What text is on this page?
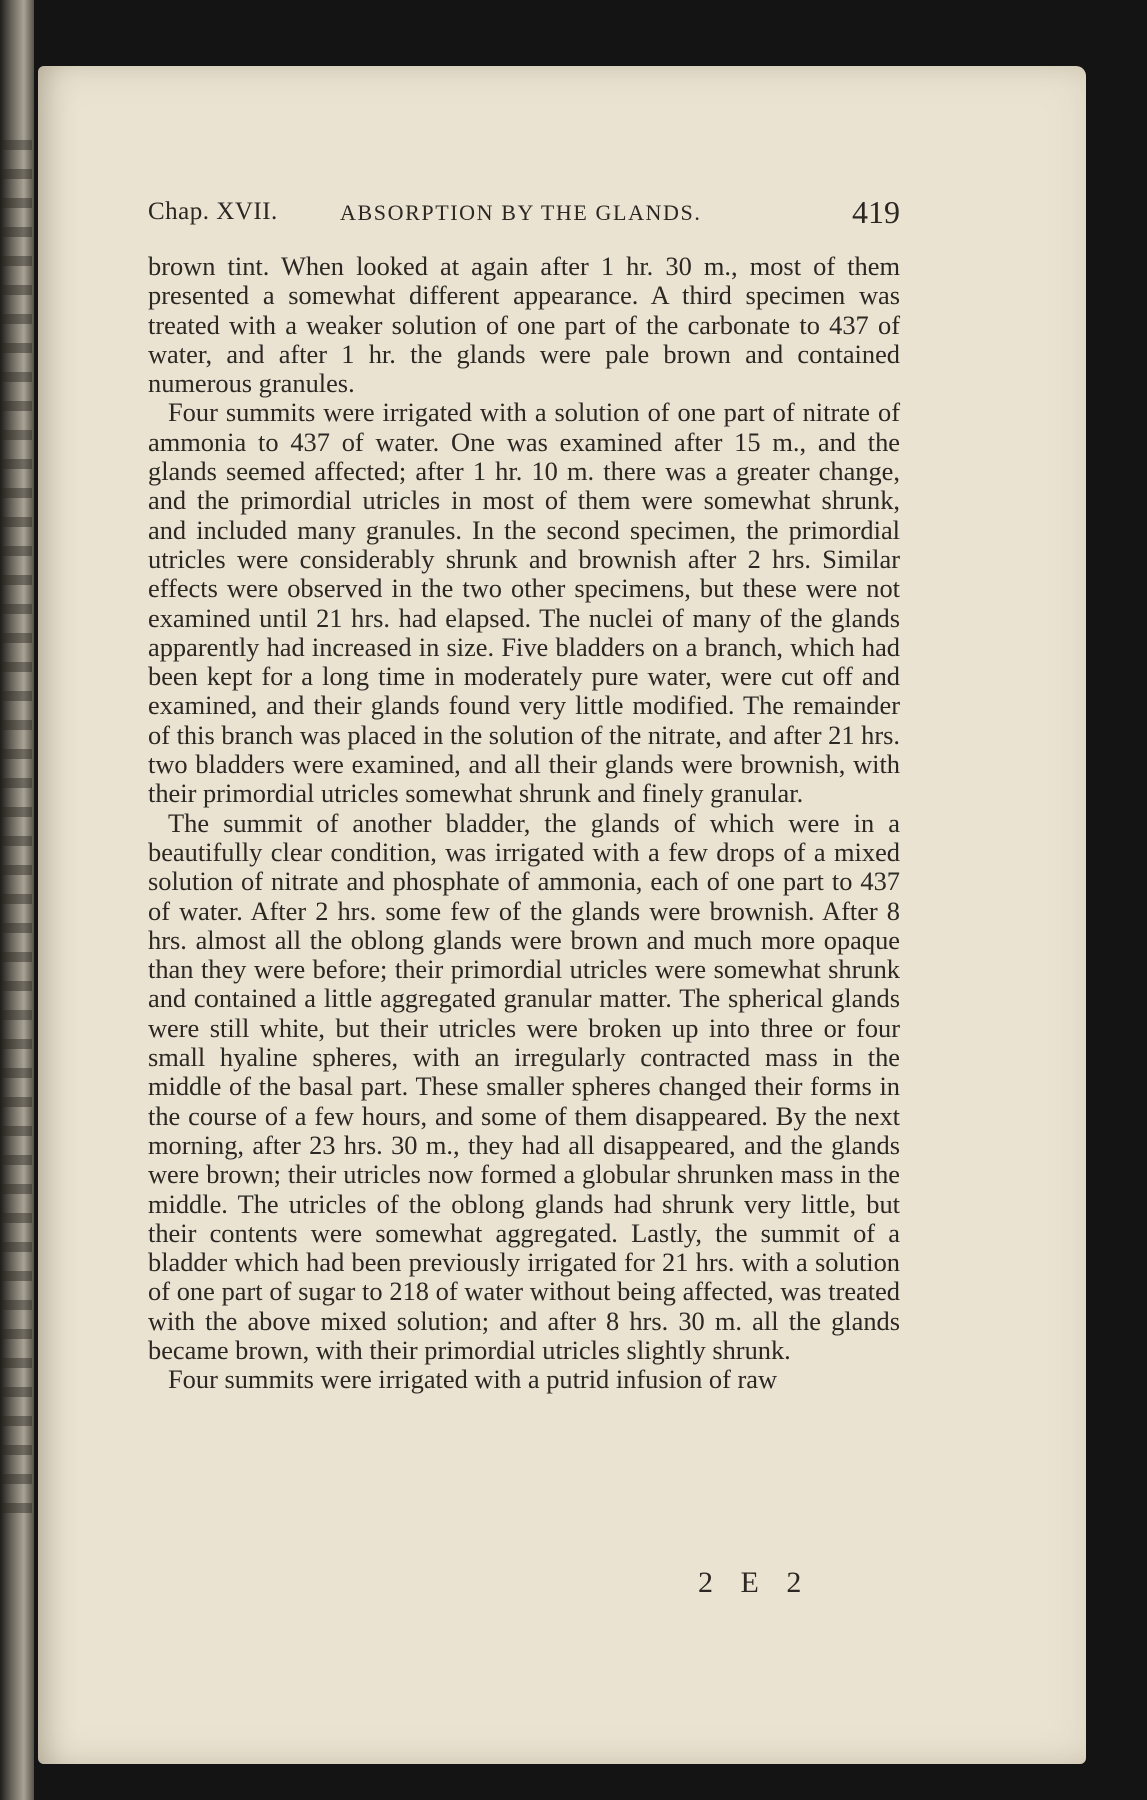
Chap. XVII.	ABSORPTION BY THE GLANDS.	419

brown tint. When looked at again after 1 hr. 30 m., most of them presented a somewhat different appearance. A third specimen was treated with a weaker solution of one part of the carbonate to 437 of water, and after 1 hr. the glands were pale brown and contained numerous granules.

Four summits were irrigated with a solution of one part of nitrate of ammonia to 437 of water. One was examined after 15 m., and the glands seemed affected; after 1 hr. 10 m. there was a greater change, and the primordial utricles in most of them were somewhat shrunk, and included many granules. In the second specimen, the primordial utricles were considerably shrunk and brownish after 2 hrs. Similar effects were observed in the two other specimens, but these were not examined until 21 hrs. had elapsed. The nuclei of many of the glands apparently had increased in size. Five bladders on a branch, which had been kept for a long time in moderately pure water, were cut off and examined, and their glands found very little modified. The remainder of this branch was placed in the solution of the nitrate, and after 21 hrs. two bladders were examined, and all their glands were brownish, with their primordial utricles somewhat shrunk and finely granular.

The summit of another bladder, the glands of which were in a beautifully clear condition, was irrigated with a few drops of a mixed solution of nitrate and phosphate of ammonia, each of one part to 437 of water. After 2 hrs. some few of the glands were brownish. After 8 hrs. almost all the oblong glands were brown and much more opaque than they were before; their primordial utricles were somewhat shrunk and contained a little aggregated granular matter. The spherical glands were still white, but their utricles were broken up into three or four small hyaline spheres, with an irregularly contracted mass in the middle of the basal part. These smaller spheres changed their forms in the course of a few hours, and some of them disappeared. By the next morning, after 23 hrs. 30 m., they had all disappeared, and the glands were brown; their utricles now formed a globular shrunken mass in the middle. The utricles of the oblong glands had shrunk very little, but their contents were somewhat aggregated. Lastly, the summit of a bladder which had been previously irrigated for 21 hrs. with a solution of one part of sugar to 218 of water without being affected, was treated with the above mixed solution; and after 8 hrs. 30 m. all the glands became brown, with their primordial utricles slightly shrunk.

Four summits were irrigated with a putrid infusion of raw

2 E 2
